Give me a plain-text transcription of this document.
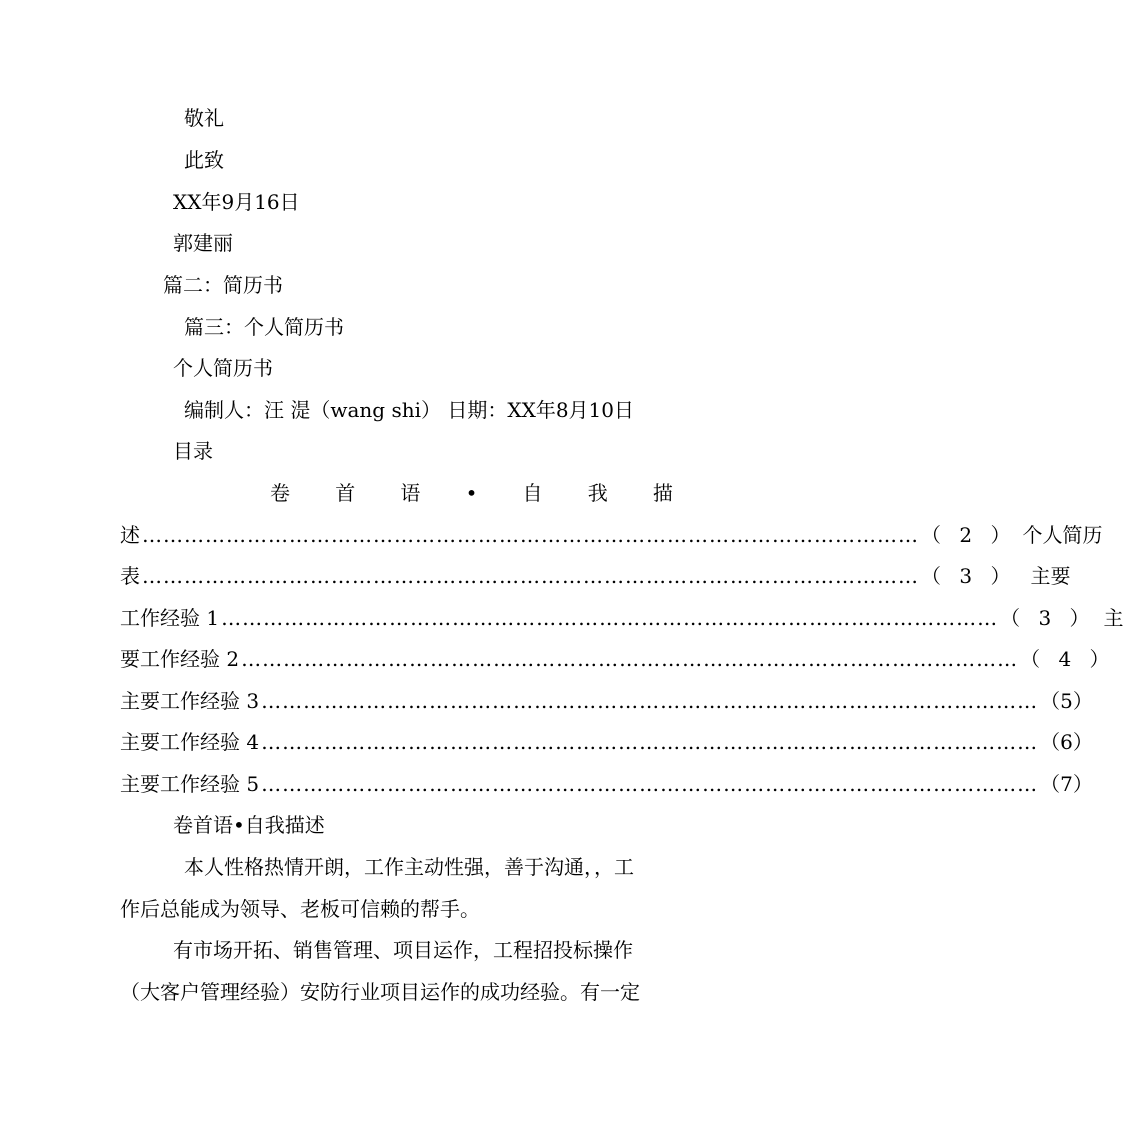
敬礼
此致
XX年9月16日
郭建丽
篇二：简历书
篇三：个人简历书
个人简历书
编制人：汪 湜（wang shi） 日期：XX年8月10日
目录
卷 首 语 • 自 我 描
述 ………………………………………………………………………………………………… （ 2 ） 个人简历
表 ………………………………………………………………………………………………… （ 3 ） 主要
工作经验 1 ………………………………………………………………………………………………… （ 3 ） 主
要工作经验 2 ………………………………………………………………………………………………… （ 4 ）
主要工作经验 3 ………………………………………………………………………………………………… （5）
主要工作经验 4 ………………………………………………………………………………………………… （6）
主要工作经验 5 ………………………………………………………………………………………………… （7）
卷首语•自我描述
本人性格热情开朗，工作主动性强，善于沟通，，工
作后总能成为领导、老板可信赖的帮手。
有市场开拓、销售管理、项目运作，工程招投标操作
（大客户管理经验）安防行业项目运作的成功经验。有一定
